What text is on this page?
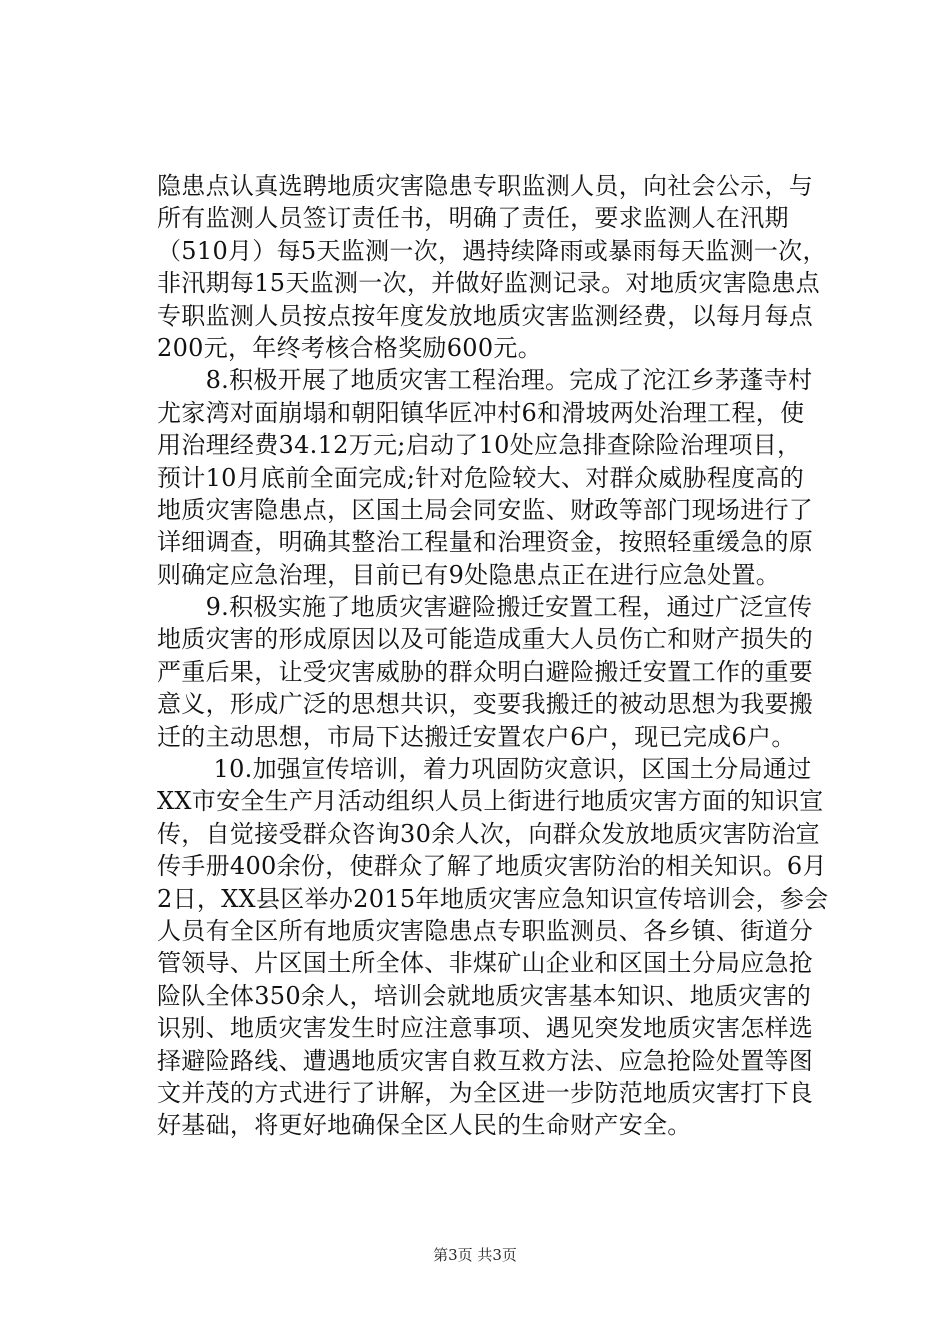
隐患点认真选聘地质灾害隐患专职监测人员，向社会公示，与
所有监测人员签订责任书，明确了责任，要求监测人在汛期
（510月）每5天监测一次，遇持续降雨或暴雨每天监测一次，
非汛期每15天监测一次，并做好监测记录。对地质灾害隐患点
专职监测人员按点按年度发放地质灾害监测经费，以每月每点
200元，年终考核合格奖励600元。
　　8.积极开展了地质灾害工程治理。完成了沱江乡茅蓬寺村
尤家湾对面崩塌和朝阳镇华匠冲村6和滑坡两处治理工程，使
用治理经费34.12万元;启动了10处应急排查除险治理项目，
预计10月底前全面完成;针对危险较大、对群众威胁程度高的
地质灾害隐患点，区国土局会同安监、财政等部门现场进行了
详细调查，明确其整治工程量和治理资金，按照轻重缓急的原
则确定应急治理，目前已有9处隐患点正在进行应急处置。
　　9.积极实施了地质灾害避险搬迁安置工程，通过广泛宣传
地质灾害的形成原因以及可能造成重大人员伤亡和财产损失的
严重后果，让受灾害威胁的群众明白避险搬迁安置工作的重要
意义，形成广泛的思想共识，变要我搬迁的被动思想为我要搬
迁的主动思想，市局下达搬迁安置农户6户，现已完成6户。
　　 10.加强宣传培训，着力巩固防灾意识，区国土分局通过
XX市安全生产月活动组织人员上街进行地质灾害方面的知识宣
传，自觉接受群众咨询30余人次，向群众发放地质灾害防治宣
传手册400余份，使群众了解了地质灾害防治的相关知识。6月
2日，XX县区举办2015年地质灾害应急知识宣传培训会，参会
人员有全区所有地质灾害隐患点专职监测员、各乡镇、街道分
管领导、片区国土所全体、非煤矿山企业和区国土分局应急抢
险队全体350余人，培训会就地质灾害基本知识、地质灾害的
识别、地质灾害发生时应注意事项、遇见突发地质灾害怎样选
择避险路线、遭遇地质灾害自救互救方法、应急抢险处置等图
文并茂的方式进行了讲解，为全区进一步防范地质灾害打下良
好基础，将更好地确保全区人民的生命财产安全。
第3页 共3页
